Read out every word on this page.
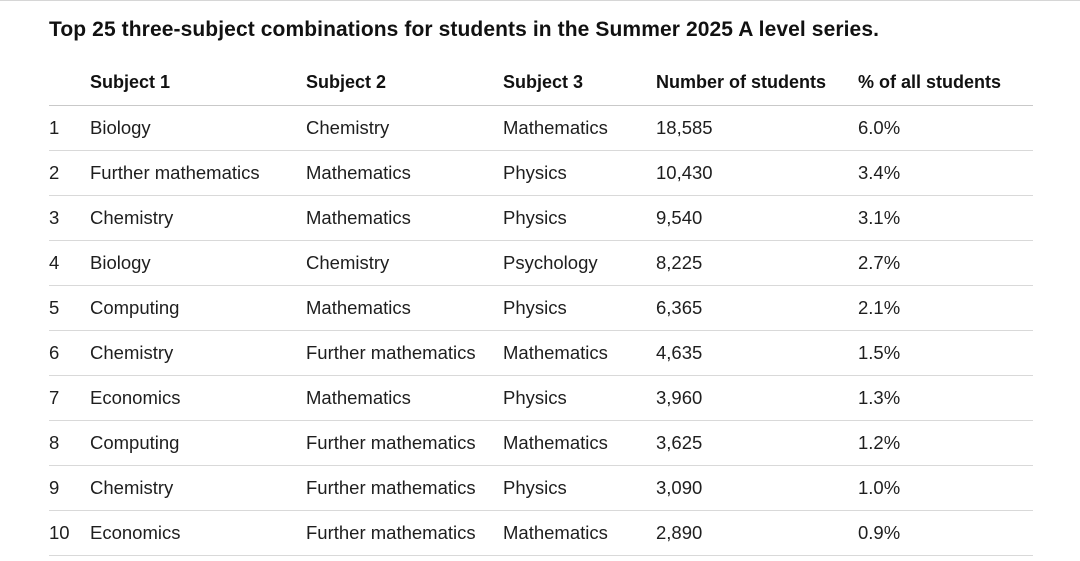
Top 25 three-subject combinations for students in the Summer 2025 A level series.
	Subject 1	Subject 2	Subject 3	Number of students	% of all students
1	Biology	Chemistry	Mathematics	18,585	6.0%
2	Further mathematics	Mathematics	Physics	10,430	3.4%
3	Chemistry	Mathematics	Physics	9,540	3.1%
4	Biology	Chemistry	Psychology	8,225	2.7%
5	Computing	Mathematics	Physics	6,365	2.1%
6	Chemistry	Further mathematics	Mathematics	4,635	1.5%
7	Economics	Mathematics	Physics	3,960	1.3%
8	Computing	Further mathematics	Mathematics	3,625	1.2%
9	Chemistry	Further mathematics	Physics	3,090	1.0%
10	Economics	Further mathematics	Mathematics	2,890	0.9%
